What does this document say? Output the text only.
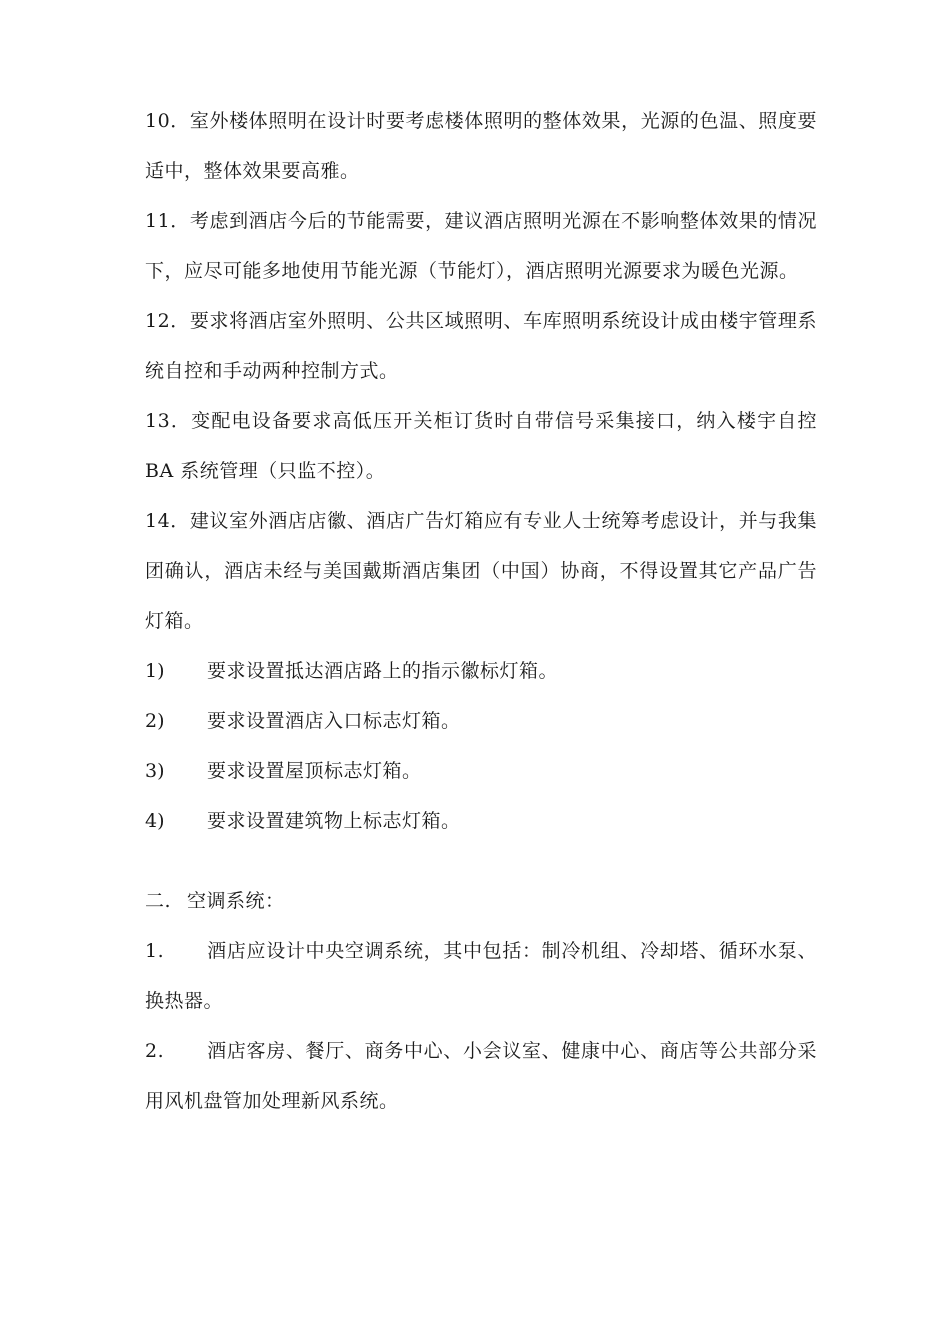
10．室外楼体照明在设计时要考虑楼体照明的整体效果，光源的色温、照度要适中，整体效果要高雅。

11．考虑到酒店今后的节能需要，建议酒店照明光源在不影响整体效果的情况下，应尽可能多地使用节能光源（节能灯），酒店照明光源要求为暖色光源。

12．要求将酒店室外照明、公共区域照明、车库照明系统设计成由楼宇管理系统自控和手动两种控制方式。

13．变配电设备要求高低压开关柜订货时自带信号采集接口，纳入楼宇自控 BA 系统管理（只监不控）。

14．建议室外酒店店徽、酒店广告灯箱应有专业人士统筹考虑设计，并与我集团确认，酒店未经与美国戴斯酒店集团（中国）协商，不得设置其它产品广告灯箱。

1)	要求设置抵达酒店路上的指示徽标灯箱。
2)	要求设置酒店入口标志灯箱。
3)	要求设置屋顶标志灯箱。
4)	要求设置建筑物上标志灯箱。

二. 空调系统：

1. 酒店应设计中央空调系统，其中包括：制冷机组、冷却塔、循环水泵、换热器。

2. 酒店客房、餐厅、商务中心、小会议室、健康中心、商店等公共部分采用风机盘管加处理新风系统。
